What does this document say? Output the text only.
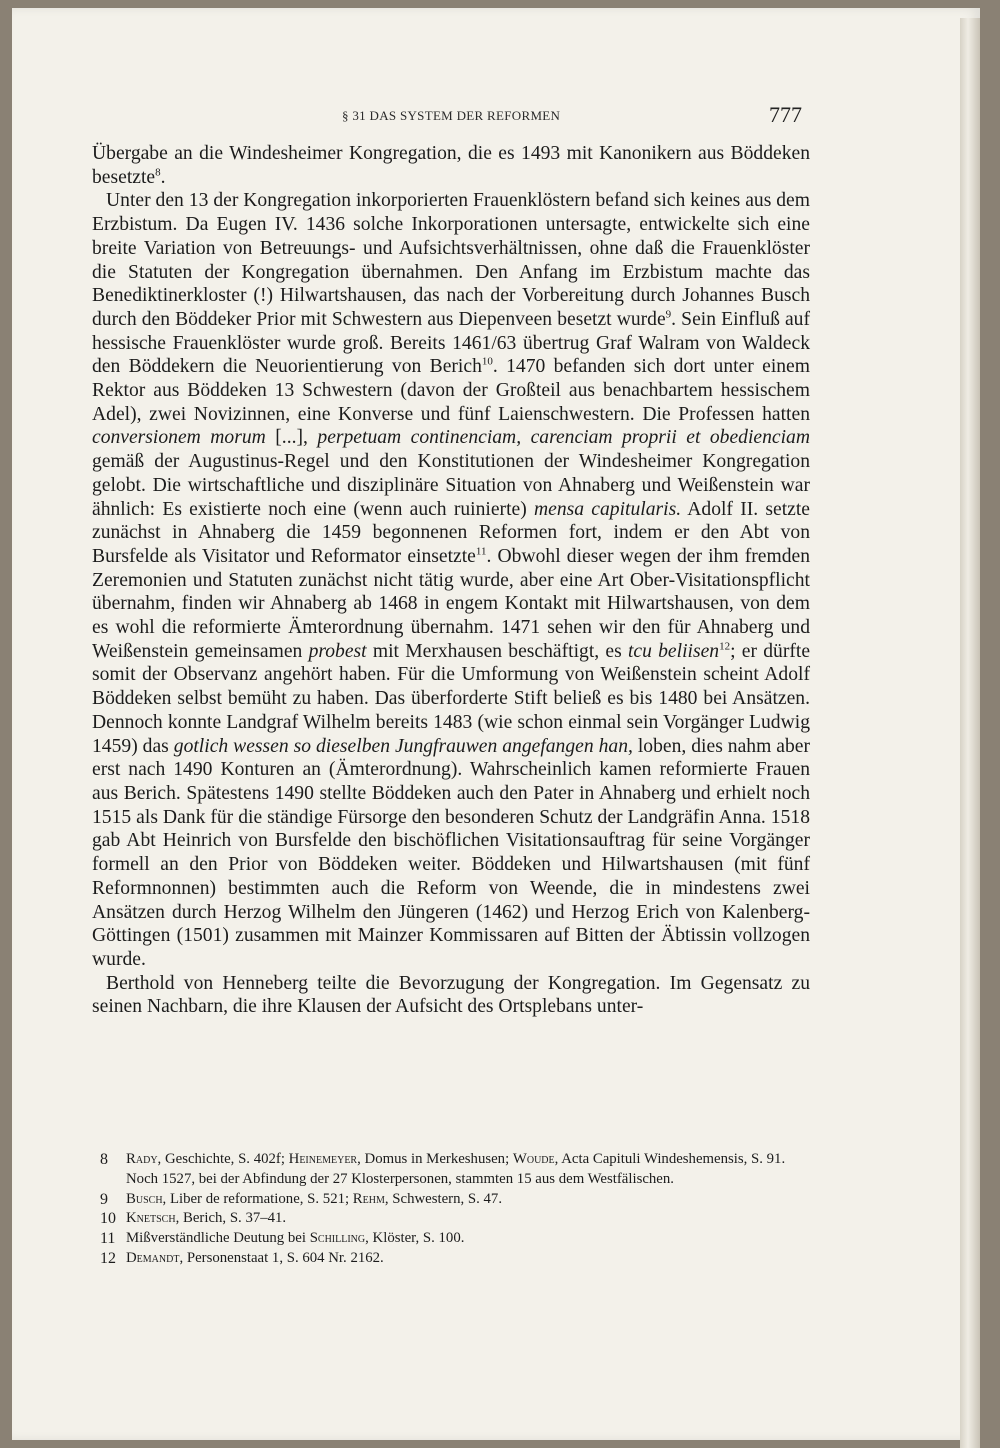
§ 31 DAS SYSTEM DER REFORMEN	777

Übergabe an die Windesheimer Kongregation, die es 1493 mit Kanonikern aus Böddeken besetzte$^8$.

Unter den 13 der Kongregation inkorporierten Frauenklöstern befand sich keines aus dem Erzbistum. Da Eugen IV. 1436 solche Inkorporationen untersagte, entwickelte sich eine breite Variation von Betreuungs- und Aufsichtsverhältnissen, ohne daß die Frauenklöster die Statuten der Kongregation übernahmen. Den Anfang im Erzbistum machte das Benediktinerkloster (!) Hilwartshausen, das nach der Vorbereitung durch Johannes Busch durch den Böddeker Prior mit Schwestern aus Diepenveen besetzt wurde$^9$. Sein Einfluß auf hessische Frauenklöster wurde groß. Bereits 1461/63 übertrug Graf Walram von Waldeck den Böddekern die Neuorientierung von Berich$^{10}$. 1470 befanden sich dort unter einem Rektor aus Böddeken 13 Schwestern (davon der Großteil aus benachbartem hessischem Adel), zwei Novizinnen, eine Konverse und fünf Laienschwestern. Die Professen hatten conversionem morum [...], perpetuam continenciam, carenciam proprii et obedienciam gemäß der Augustinus-Regel und den Konstitutionen der Windesheimer Kongregation gelobt. Die wirtschaftliche und disziplinäre Situation von Ahnaberg und Weißenstein war ähnlich: Es existierte noch eine (wenn auch ruinierte) mensa capitularis. Adolf II. setzte zunächst in Ahnaberg die 1459 begonnenen Reformen fort, indem er den Abt von Bursfelde als Visitator und Reformator einsetzte$^{11}$. Obwohl dieser wegen der ihm fremden Zeremonien und Statuten zunächst nicht tätig wurde, aber eine Art Ober-Visitationspflicht übernahm, finden wir Ahnaberg ab 1468 in engem Kontakt mit Hilwartshausen, von dem es wohl die reformierte Ämterordnung übernahm. 1471 sehen wir den für Ahnaberg und Weißenstein gemeinsamen probest mit Merxhausen beschäftigt, es tcu beliisen$^{12}$; er dürfte somit der Observanz angehört haben. Für die Umformung von Weißenstein scheint Adolf Böddeken selbst bemüht zu haben. Das überforderte Stift beließ es bis 1480 bei Ansätzen. Dennoch konnte Landgraf Wilhelm bereits 1483 (wie schon einmal sein Vorgänger Ludwig 1459) das gotlich wessen so dieselben Jungfrauwen angefangen han, loben, dies nahm aber erst nach 1490 Konturen an (Ämterordnung). Wahrscheinlich kamen reformierte Frauen aus Berich. Spätestens 1490 stellte Böddeken auch den Pater in Ahnaberg und erhielt noch 1515 als Dank für die ständige Fürsorge den besonderen Schutz der Landgräfin Anna. 1518 gab Abt Heinrich von Bursfelde den bischöflichen Visitationsauftrag für seine Vorgänger formell an den Prior von Böddeken weiter. Böddeken und Hilwartshausen (mit fünf Reformnonnen) bestimmten auch die Reform von Weende, die in mindestens zwei Ansätzen durch Herzog Wilhelm den Jüngeren (1462) und Herzog Erich von Kalenberg-Göttingen (1501) zusammen mit Mainzer Kommissaren auf Bitten der Äbtissin vollzogen wurde.

Berthold von Henneberg teilte die Bevorzugung der Kongregation. Im Gegensatz zu seinen Nachbarn, die ihre Klausen der Aufsicht des Ortsplebans unter-

8 Rady, Geschichte, S. 402f; Heinemeyer, Domus in Merkeshusen; Woude, Acta Capituli Windeshemensis, S. 91. Noch 1527, bei der Abfindung der 27 Klosterpersonen, stammten 15 aus dem Westfälischen.
9 Busch, Liber de reformatione, S. 521; Rehm, Schwestern, S. 47.
10 Knetsch, Berich, S. 37–41.
11 Mißverständliche Deutung bei Schilling, Klöster, S. 100.
12 Demandt, Personenstaat 1, S. 604 Nr. 2162.
